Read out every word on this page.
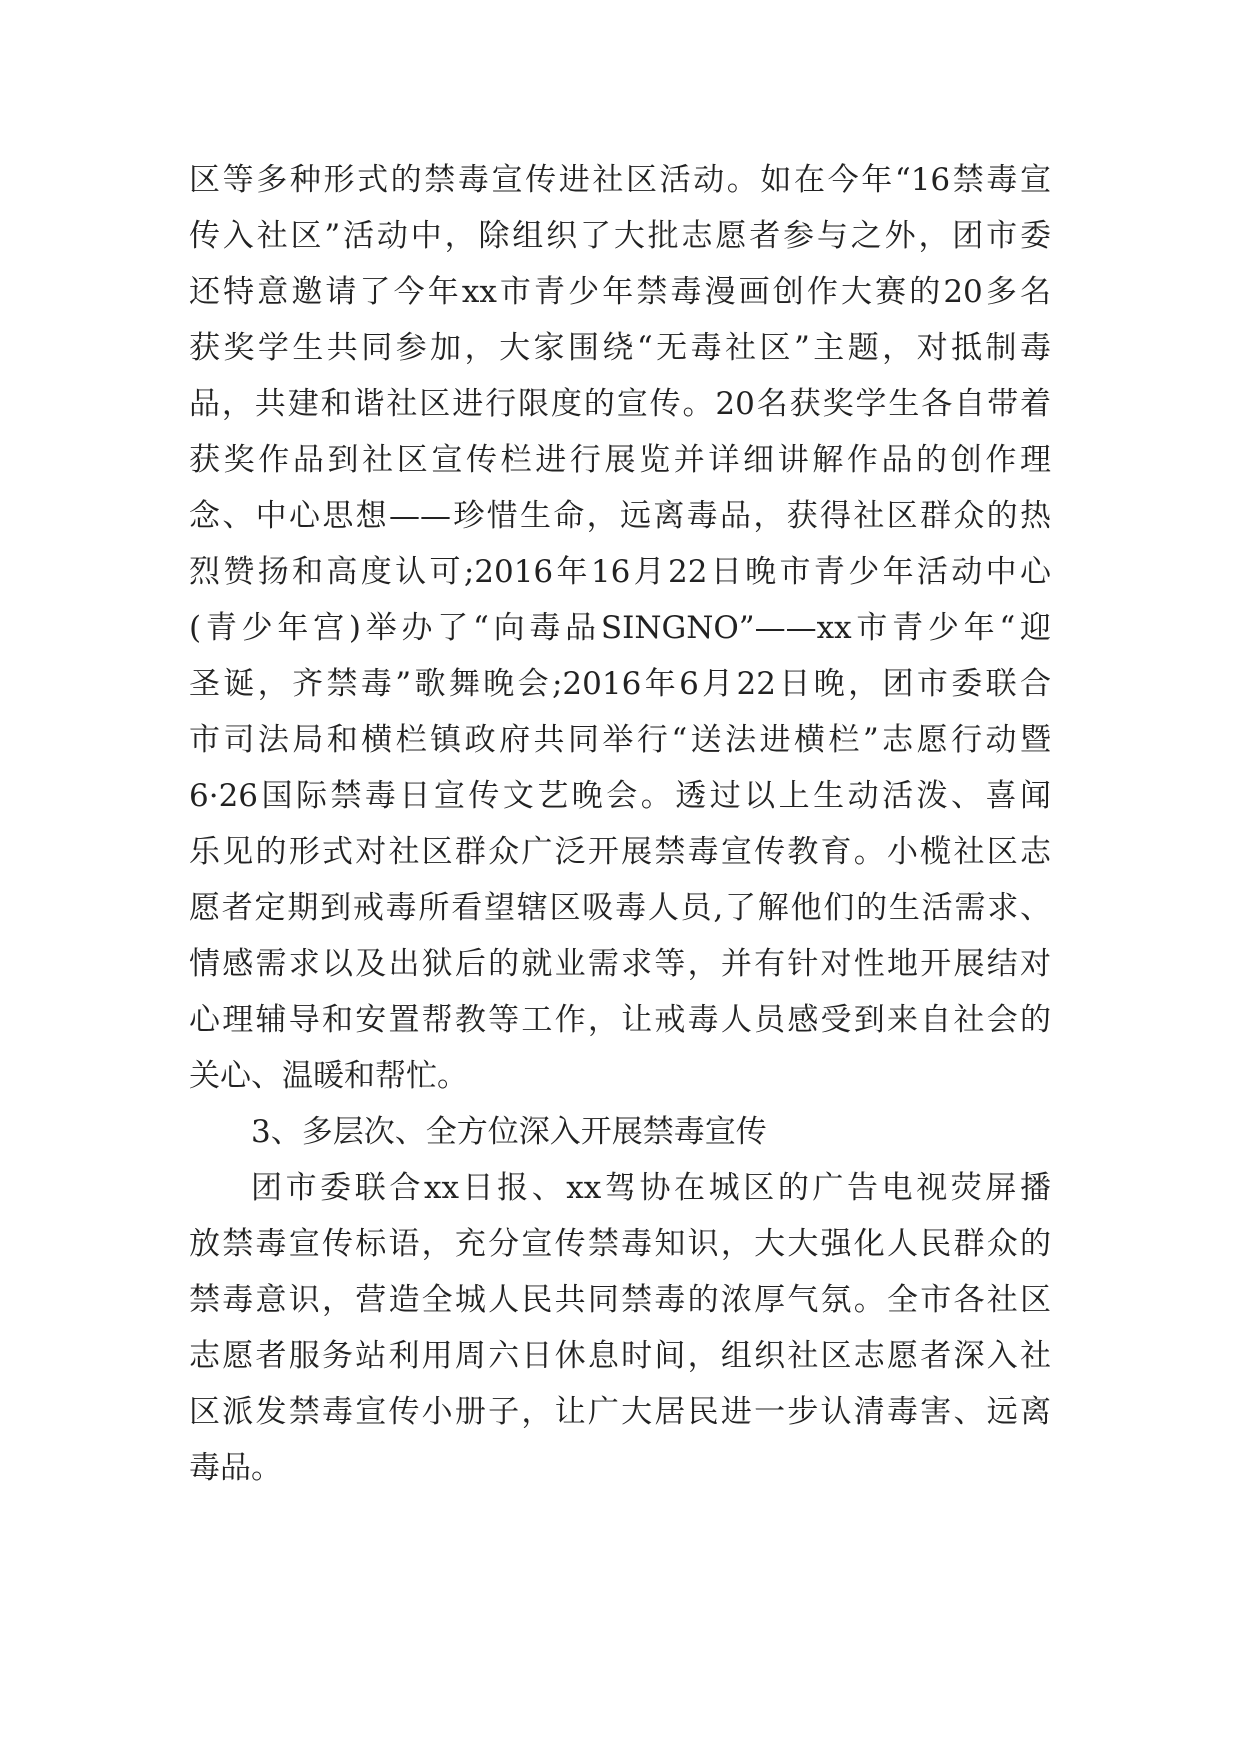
区等多种形式的禁毒宣传进社区活动。如在今年“16禁毒宣
传入社区”活动中，除组织了大批志愿者参与之外，团市委
还特意邀请了今年xx市青少年禁毒漫画创作大赛的20多名
获奖学生共同参加，大家围绕“无毒社区”主题，对抵制毒
品，共建和谐社区进行限度的宣传。20名获奖学生各自带着
获奖作品到社区宣传栏进行展览并详细讲解作品的创作理
念、中心思想——珍惜生命，远离毒品，获得社区群众的热
烈赞扬和高度认可;2016年16月22日晚市青少年活动中心
(青少年宫)举办了“向毒品SINGNO”——xx市青少年“迎
圣诞，齐禁毒”歌舞晚会;2016年6月22日晚，团市委联合
市司法局和横栏镇政府共同举行“送法进横栏”志愿行动暨
6·26国际禁毒日宣传文艺晚会。透过以上生动活泼、喜闻
乐见的形式对社区群众广泛开展禁毒宣传教育。小榄社区志
愿者定期到戒毒所看望辖区吸毒人员,了解他们的生活需求、
情感需求以及出狱后的就业需求等，并有针对性地开展结对
心理辅导和安置帮教等工作，让戒毒人员感受到来自社会的
关心、温暖和帮忙。
3、多层次、全方位深入开展禁毒宣传
团市委联合xx日报、xx驾协在城区的广告电视荧屏播
放禁毒宣传标语，充分宣传禁毒知识，大大强化人民群众的
禁毒意识，营造全城人民共同禁毒的浓厚气氛。全市各社区
志愿者服务站利用周六日休息时间，组织社区志愿者深入社
区派发禁毒宣传小册子，让广大居民进一步认清毒害、远离
毒品。
